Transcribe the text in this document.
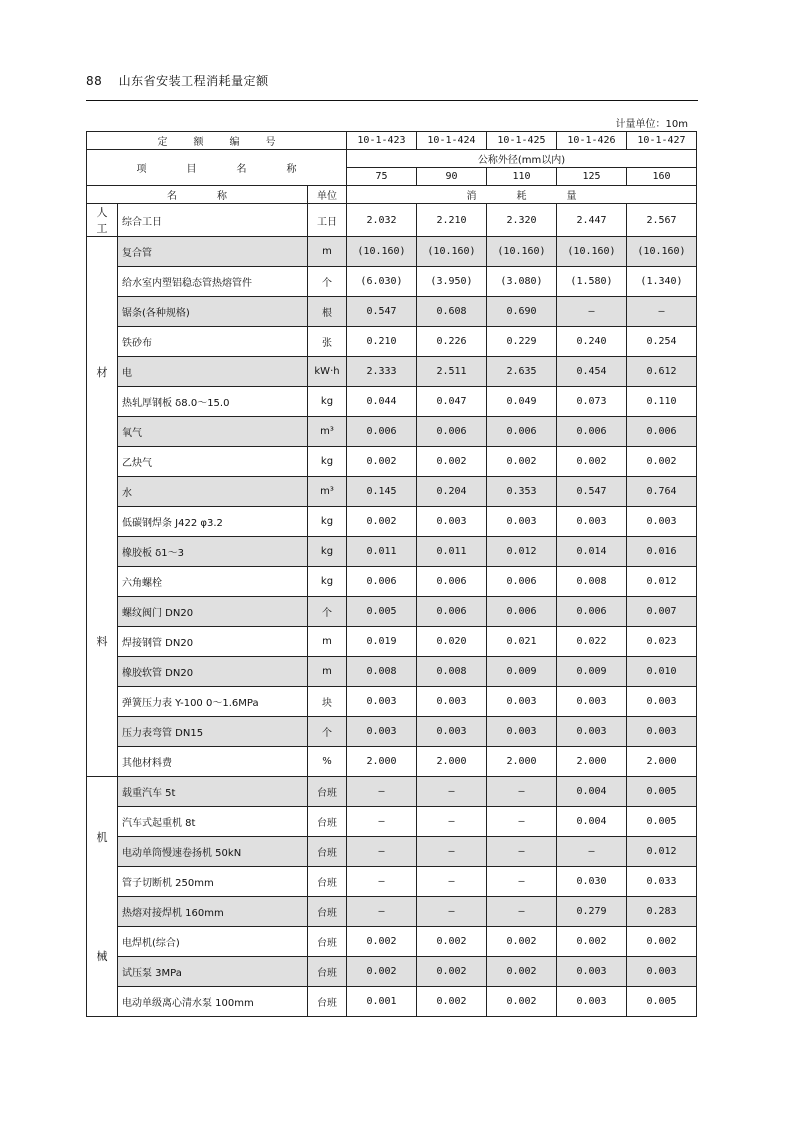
88 山东省安装工程消耗量定额
计量单位：10m
定额编号			10-1-423	10-1-424	10-1-425	10-1-426	10-1-427
项目名称			公称外径(mm以内)				
			75	90	110	125	160
名称		单位	消耗量				

人
工	综合工日	工日	2.032	2.210	2.320	2.447	2.567

材
料	复合管	m	(10.160)	(10.160)	(10.160)	(10.160)	(10.160)
	给水室内塑铝稳态管热熔管件	个	(6.030)	(3.950)	(3.080)	(1.580)	(1.340)
	锯条(各种规格)	根	0.547	0.608	0.690	—	—
	铁砂布	张	0.210	0.226	0.229	0.240	0.254
	电	kW·h	2.333	2.511	2.635	0.454	0.612
	热轧厚钢板 δ8.0～15.0	kg	0.044	0.047	0.049	0.073	0.110
	氧气	m³	0.006	0.006	0.006	0.006	0.006
	乙炔气	kg	0.002	0.002	0.002	0.002	0.002
	水	m³	0.145	0.204	0.353	0.547	0.764
	低碳钢焊条 J422 φ3.2	kg	0.002	0.003	0.003	0.003	0.003
	橡胶板 δ1～3	kg	0.011	0.011	0.012	0.014	0.016
	六角螺栓	kg	0.006	0.006	0.006	0.008	0.012
	螺纹阀门 DN20	个	0.005	0.006	0.006	0.006	0.007
	焊接钢管 DN20	m	0.019	0.020	0.021	0.022	0.023
	橡胶软管 DN20	m	0.008	0.008	0.009	0.009	0.010
	弹簧压力表 Y-100 0～1.6MPa	块	0.003	0.003	0.003	0.003	0.003
	压力表弯管 DN15	个	0.003	0.003	0.003	0.003	0.003
	其他材料费	%	2.000	2.000	2.000	2.000	2.000

机
械	载重汽车 5t	台班	—	—	—	0.004	0.005
	汽车式起重机 8t	台班	—	—	—	0.004	0.005
	电动单筒慢速卷扬机 50kN	台班	—	—	—	—	0.012
	管子切断机 250mm	台班	—	—	—	0.030	0.033
	热熔对接焊机 160mm	台班	—	—	—	0.279	0.283
	电焊机(综合)	台班	0.002	0.002	0.002	0.002	0.002
	试压泵 3MPa	台班	0.002	0.002	0.002	0.003	0.003
	电动单级离心清水泵 100mm	台班	0.001	0.002	0.002	0.003	0.005
